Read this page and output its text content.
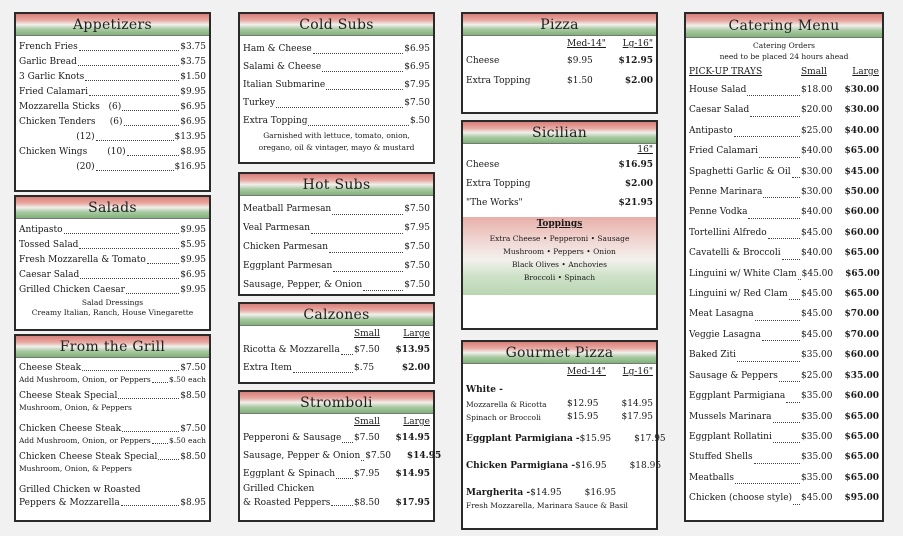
Appetizers
French Fries	$3.75
Garlic Bread	$3.75
3 Garlic Knots	$1.50
Fried Calamari	$9.95
Mozzarella Sticks   (6)	$6.95
Chicken Tenders     (6)	$6.95
(12)	$13.95
Chicken Wings       (10)	$8.95
(20)	$16.95
Salads
Antipasto	$9.95
Tossed Salad	$5.95
Fresh Mozzarella & Tomato	$9.95
Caesar Salad	$6.95
Grilled Chicken Caesar	$9.95
Salad Dressings
Creamy Italian, Ranch, House Vinegarette
From the Grill
Cheese Steak	$7.50
Add Mushroom, Onion, or Peppers $.50 each
Cheese Steak Special	$8.50
Mushroom, Onion, & Peppers
Chicken Cheese Steak	$7.50
Add Mushroom, Onion, or Peppers $.50 each
Chicken Cheese Steak Special	$8.50
Mushroom, Onion, & Peppers
Grilled Chicken w Roasted
Peppers & Mozzarella	$8.95
Cold Subs
Ham & Cheese	$6.95
Salami & Cheese	$6.95
Italian Submarine	$7.95
Turkey	$7.50
Extra Topping	$.50
Garnished with lettuce, tomato, onion, oregano, oil & vintager, mayo & mustard
Hot Subs
Meatball Parmesan	$7.50
Veal Parmesan	$7.95
Chicken Parmesan	$7.50
Eggplant Parmesan	$7.50
Sausage, Pepper, & Onion	$7.50
Calzones
Small	Large
Ricotta & Mozzarella $7.50	$13.95
Extra Item	$.75	$2.00
Stromboli
Small	Large
Pepperoni & Sausage $7.50	$14.95
Sausage, Pepper & Onion $7.50	$14.95
Eggplant & Spinach $7.95	$14.95
Grilled Chicken
& Roasted Peppers	$8.50	$17.95
Pizza
Med-14"	Lg-16"
Cheese	$9.95	$12.95
Extra Topping	$1.50	$2.00
Sicilian
16"
Cheese	$16.95
Extra Topping	$2.00
"The Works"	$21.95
Toppings
Extra Cheese • Pepperoni • Sausage
Mushroom • Peppers • Onion
Black Olives • Anchovies
Broccoli • Spinach
Gourmet Pizza
Med-14"	Lg-16"
White -
Mozzarella & Ricotta	$12.95	$14.95
Spinach or Broccoli	$15.95	$17.95
Eggplant Parmigiana - $15.95	$17.95
Chicken Parmigiana - $16.95	$18.95
Margherita - $14.95	$16.95
Fresh Mozzarella, Marinara Sauce & Basil
Catering Menu
Catering Orders
need to be placed 24 hours ahead
PICK-UP TRAYS	Small	Large
House Salad	$18.00	$30.00
Caesar Salad	$20.00	$30.00
Antipasto	$25.00	$40.00
Fried Calamari	$40.00	$65.00
Spaghetti Garlic & Oil $30.00	$45.00
Penne Marinara	$30.00	$50.00
Penne Vodka	$40.00	$60.00
Tortellini Alfredo	$45.00	$60.00
Cavatelli & Broccoli $40.00	$65.00
Linguini w/ White Clam $45.00	$65.00
Linguini w/ Red Clam $45.00	$65.00
Meat Lasagna	$45.00	$70.00
Veggie Lasagna	$45.00	$70.00
Baked Ziti	$35.00	$60.00
Sausage & Peppers	$25.00	$35.00
Eggplant Parmigiana $35.00	$60.00
Mussels Marinara	$35.00	$65.00
Eggplant Rollatini	$35.00	$65.00
Stuffed Shells	$35.00	$65.00
Meatballs	$35.00	$65.00
Chicken (choose style) $45.00	$95.00
